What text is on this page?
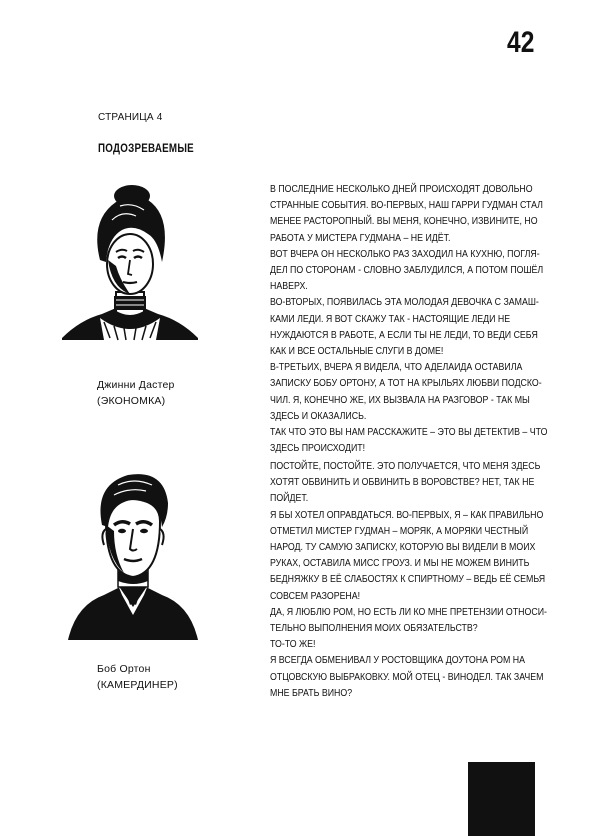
42
СТРАНИЦА 4
ПОДОЗРЕВАЕМЫЕ
Джинни Дастер
(ЭКОНОМКА)
В ПОСЛЕДНИЕ НЕСКОЛЬКО ДНЕЙ ПРОИСХОДЯТ ДОВОЛЬНО
СТРАННЫЕ СОБЫТИЯ. ВО-ПЕРВЫХ, НАШ ГАРРИ ГУДМАН СТАЛ
МЕНЕЕ РАСТОРОПНЫЙ. ВЫ МЕНЯ, КОНЕЧНО, ИЗВИНИТЕ, НО
РАБОТА У МИСТЕРА ГУДМАНА – НЕ ИДЁТ.
ВОТ ВЧЕРА ОН НЕСКОЛЬКО РАЗ ЗАХОДИЛ НА КУХНЮ, ПОГЛЯ-
ДЕЛ ПО СТОРОНАМ - СЛОВНО ЗАБЛУДИЛСЯ, А ПОТОМ ПОШЁЛ
НАВЕРХ.
ВО-ВТОРЫХ, ПОЯВИЛАСЬ ЭТА МОЛОДАЯ ДЕВОЧКА С ЗАМАШ-
КАМИ ЛЕДИ. Я ВОТ СКАЖУ ТАК - НАСТОЯЩИЕ ЛЕДИ НЕ
НУЖДАЮТСЯ В РАБОТЕ, А ЕСЛИ ТЫ НЕ ЛЕДИ, ТО ВЕДИ СЕБЯ
КАК И ВСЕ ОСТАЛЬНЫЕ СЛУГИ В ДОМЕ!
В-ТРЕТЬИХ, ВЧЕРА Я ВИДЕЛА, ЧТО АДЕЛАИДА ОСТАВИЛА
ЗАПИСКУ БОБУ ОРТОНУ, А ТОТ НА КРЫЛЬЯХ ЛЮБВИ ПОДСКО-
ЧИЛ. Я, КОНЕЧНО ЖЕ, ИХ ВЫЗВАЛА НА РАЗГОВОР - ТАК МЫ
ЗДЕСЬ И ОКАЗАЛИСЬ.
ТАК ЧТО ЭТО ВЫ НАМ РАССКАЖИТЕ – ЭТО ВЫ ДЕТЕКТИВ – ЧТО
ЗДЕСЬ ПРОИСХОДИТ!
Боб Ортон
(КАМЕРДИНЕР)
ПОСТОЙТЕ, ПОСТОЙТЕ. ЭТО ПОЛУЧАЕТСЯ, ЧТО МЕНЯ ЗДЕСЬ
ХОТЯТ ОБВИНИТЬ И ОБВИНИТЬ В ВОРОВСТВЕ? НЕТ, ТАК НЕ
ПОЙДЕТ.
Я БЫ ХОТЕЛ ОПРАВДАТЬСЯ. ВО-ПЕРВЫХ, Я – КАК ПРАВИЛЬНО
ОТМЕТИЛ МИСТЕР ГУДМАН – МОРЯК, А МОРЯКИ ЧЕСТНЫЙ
НАРОД. ТУ САМУЮ ЗАПИСКУ, КОТОРУЮ ВЫ ВИДЕЛИ В МОИХ
РУКАХ, ОСТАВИЛА МИСС ГРОУЗ. И МЫ НЕ МОЖЕМ ВИНИТЬ
БЕДНЯЖКУ В ЕЁ СЛАБОСТЯХ К СПИРТНОМУ – ВЕДЬ ЕЁ СЕМЬЯ
СОВСЕМ РАЗОРЕНА!
ДА, Я ЛЮБЛЮ РОМ, НО ЕСТЬ ЛИ КО МНЕ ПРЕТЕНЗИИ ОТНОСИ-
ТЕЛЬНО ВЫПОЛНЕНИЯ МОИХ ОБЯЗАТЕЛЬСТВ?
ТО-ТО ЖЕ!
Я ВСЕГДА ОБМЕНИВАЛ У РОСТОВЩИКА ДОУТОНА РОМ НА
ОТЦОВСКУЮ ВЫБРАКОВКУ. МОЙ ОТЕЦ - ВИНОДЕЛ. ТАК ЗАЧЕМ
МНЕ БРАТЬ ВИНО?
